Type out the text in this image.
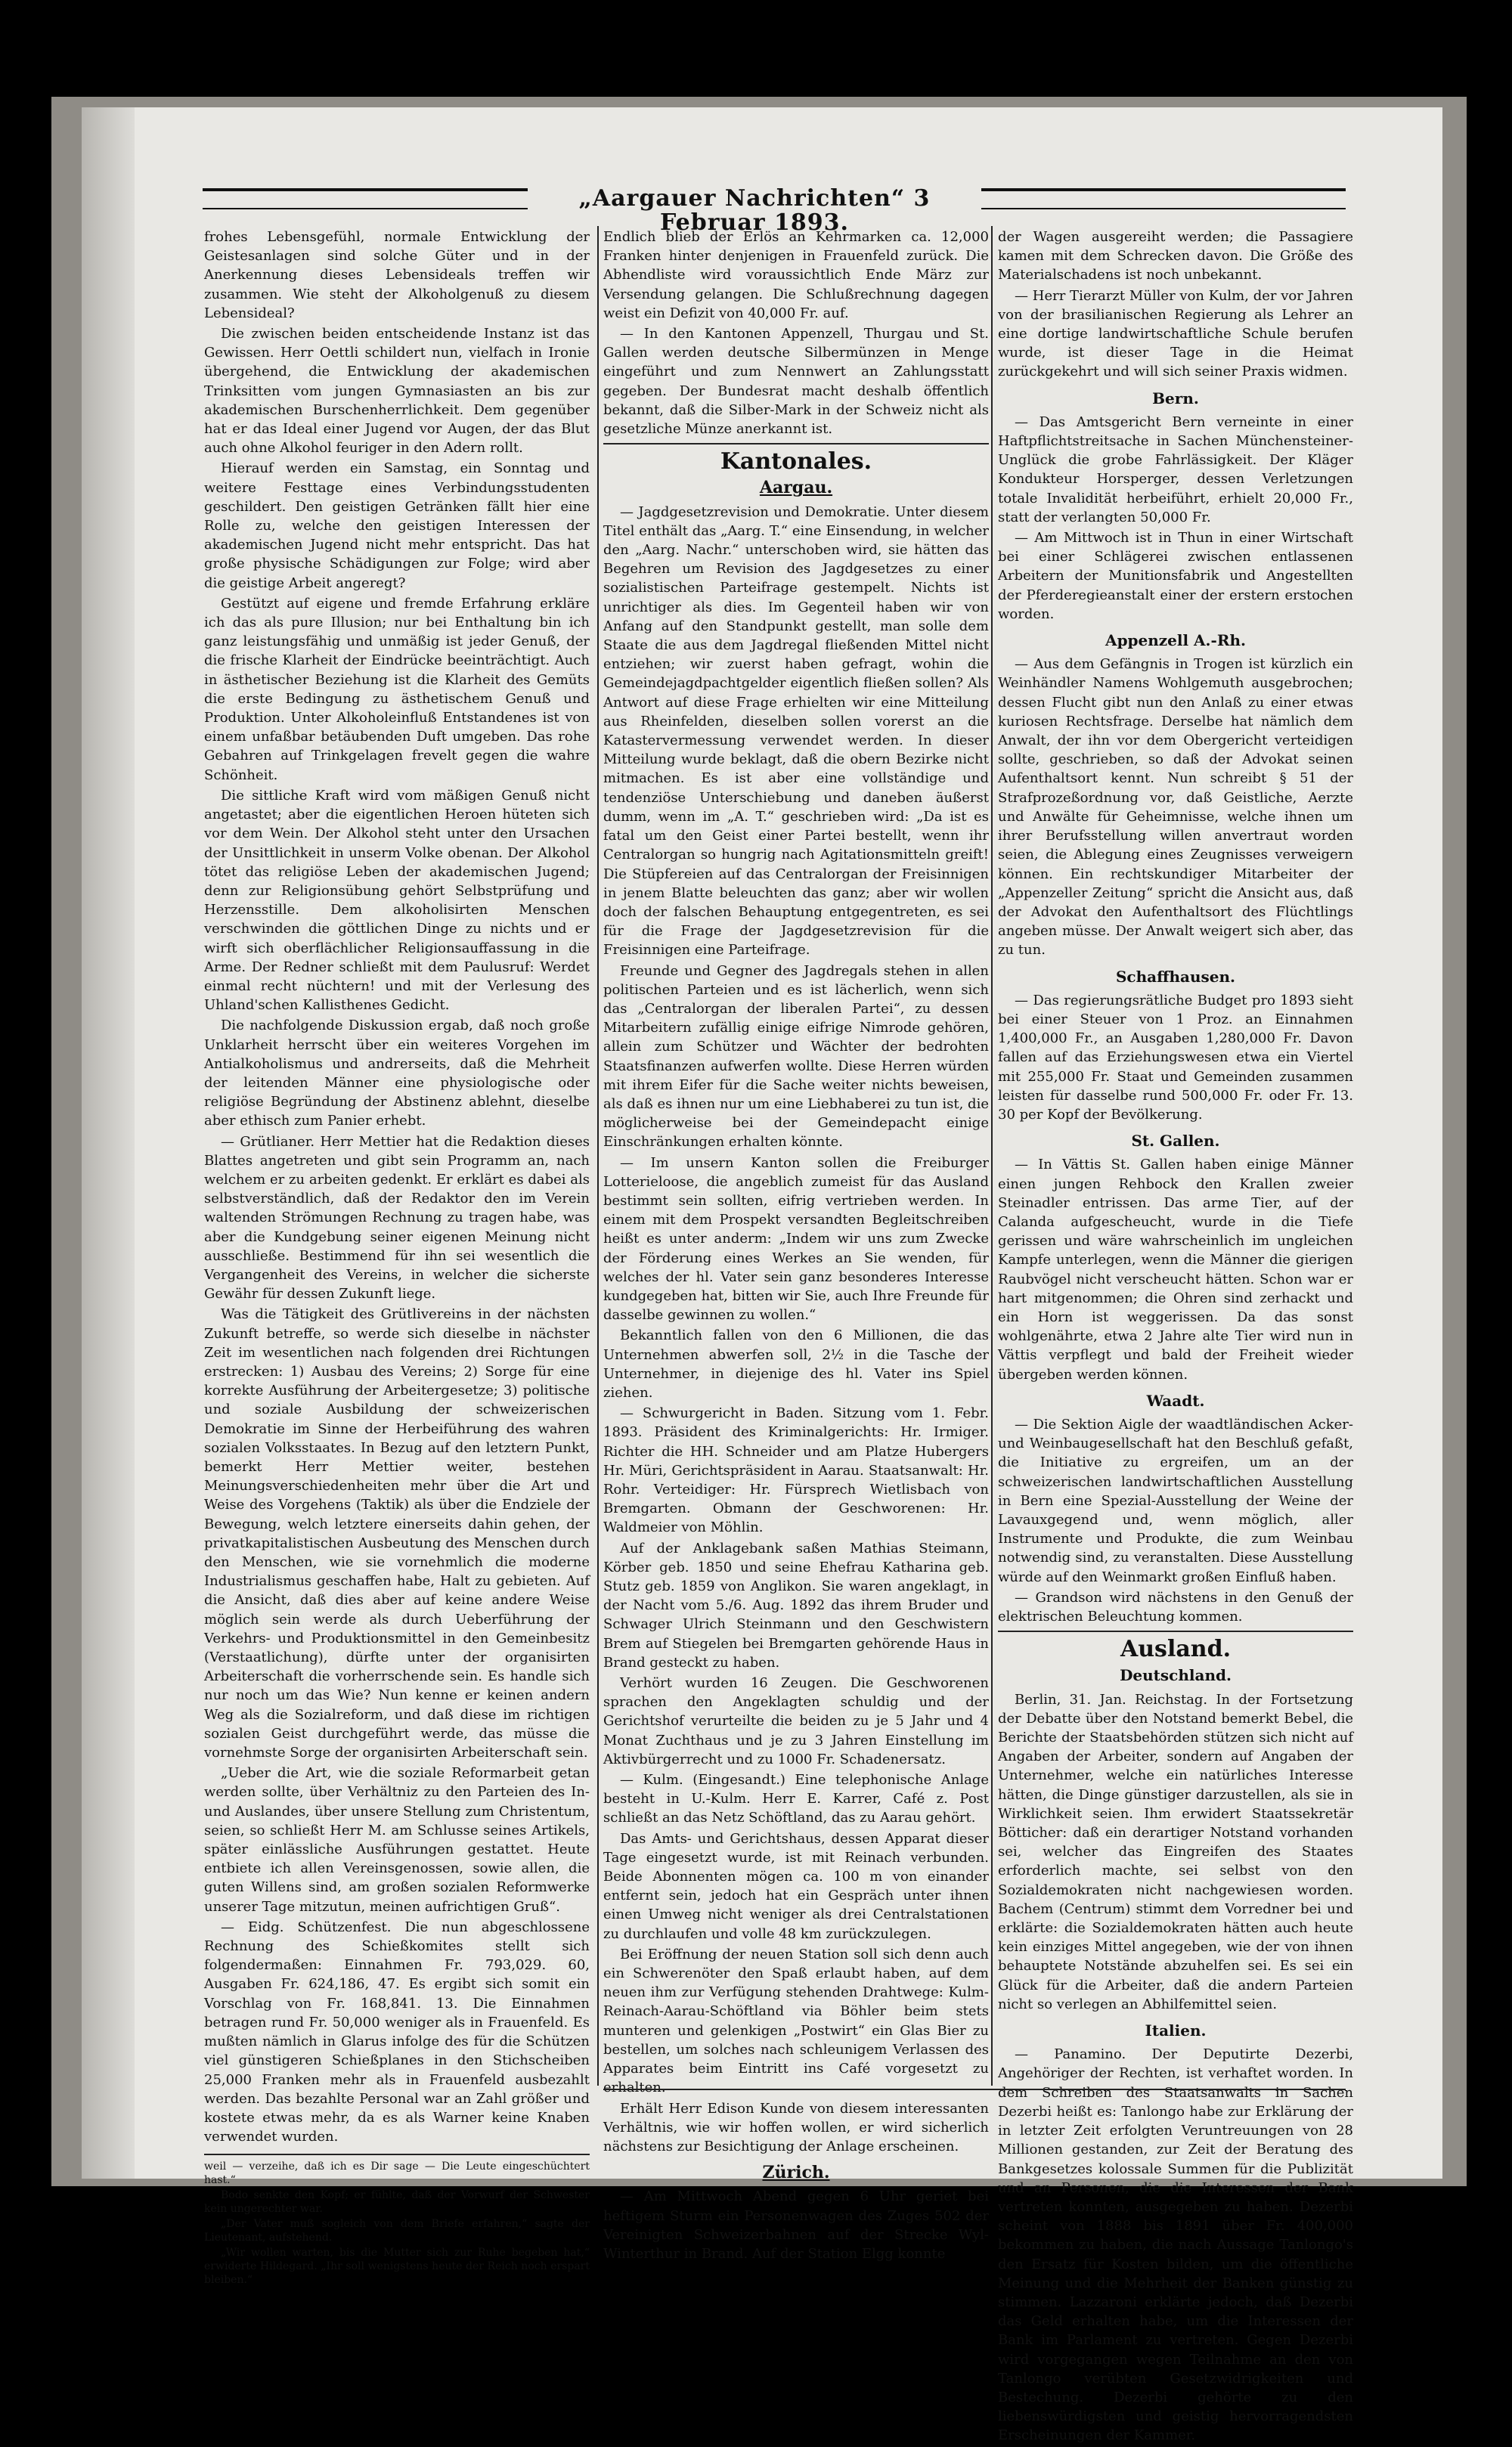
„Aargauer Nachrichten“ 3 Februar 1893.

frohes Lebensgefühl, normale Entwicklung der Geistesanlagen sind solche Güter und in der Anerkennung dieses Lebensideals treffen wir zusammen. Wie steht der Alkoholgenuß zu diesem Lebensideal?

Die zwischen beiden entscheidende Instanz ist das Gewissen. Herr Oettli schildert nun, vielfach in Ironie übergehend, die Entwicklung der akademischen Trinksitten vom jungen Gymnasiasten an bis zur akademischen Burschenherrlichkeit. Dem gegenüber hat er das Ideal einer Jugend vor Augen, der das Blut auch ohne Alkohol feuriger in den Adern rollt.

Hierauf werden ein Samstag, ein Sonntag und weitere Festtage eines Verbindungsstudenten geschildert. Den geistigen Getränken fällt hier eine Rolle zu, welche den geistigen Interessen der akademischen Jugend nicht mehr entspricht. Das hat große physische Schädigungen zur Folge; wird aber die geistige Arbeit angeregt?

Gestützt auf eigene und fremde Erfahrung erkläre ich das als pure Illusion; nur bei Enthaltung bin ich ganz leistungsfähig und unmäßig ist jeder Genuß, der die frische Klarheit der Eindrücke beeinträchtigt. Auch in ästhetischer Beziehung ist die Klarheit des Gemüts die erste Bedingung zu ästhetischem Genuß und Produktion. Unter Alkoholeinfluß Entstandenes ist von einem unfaßbar betäubenden Duft umgeben. Das rohe Gebahren auf Trinkgelagen frevelt gegen die wahre Schönheit.

Die sittliche Kraft wird vom mäßigen Genuß nicht angetastet; aber die eigentlichen Heroen hüteten sich vor dem Wein. Der Alkohol steht unter den Ursachen der Unsittlichkeit in unserm Volke obenan. Der Alkohol tötet das religiöse Leben der akademischen Jugend; denn zur Religionsübung gehört Selbstprüfung und Herzensstille. Dem alkoholisirten Menschen verschwinden die göttlichen Dinge zu nichts und er wirft sich oberflächlicher Religionsauffassung in die Arme. Der Redner schließt mit dem Paulusruf: Werdet einmal recht nüchtern! und mit der Verlesung des Uhland'schen Kallisthenes Gedicht.

Die nachfolgende Diskussion ergab, daß noch große Unklarheit herrscht über ein weiteres Vorgehen im Antialkoholismus und andrerseits, daß die Mehrheit der leitenden Männer eine physiologische oder religiöse Begründung der Abstinenz ablehnt, dieselbe aber ethisch zum Panier erhebt.

— Grütlianer. Herr Mettier hat die Redaktion dieses Blattes angetreten und gibt sein Programm an, nach welchem er zu arbeiten gedenkt. Er erklärt es dabei als selbstverständlich, daß der Redaktor den im Verein waltenden Strömungen Rechnung zu tragen habe, was aber die Kundgebung seiner eigenen Meinung nicht ausschließe. Bestimmend für ihn sei wesentlich die Vergangenheit des Vereins, in welcher die sicherste Gewähr für dessen Zukunft liege.

Was die Tätigkeit des Grütlivereins in der nächsten Zukunft betreffe, so werde sich dieselbe in nächster Zeit im wesentlichen nach folgenden drei Richtungen erstrecken: 1) Ausbau des Vereins; 2) Sorge für eine korrekte Ausführung der Arbeitergesetze; 3) politische und soziale Ausbildung der schweizerischen Demokratie im Sinne der Herbeiführung des wahren sozialen Volksstaates. In Bezug auf den letztern Punkt, bemerkt Herr Mettier weiter, bestehen Meinungsverschiedenheiten mehr über die Art und Weise des Vorgehens (Taktik) als über die Endziele der Bewegung, welch letztere einerseits dahin gehen, der privatkapitalistischen Ausbeutung des Menschen durch den Menschen, wie sie vornehmlich die moderne Industrialismus geschaffen habe, Halt zu gebieten. Auf die Ansicht, daß dies aber auf keine andere Weise möglich sein werde als durch Ueberführung der Verkehrs- und Produktionsmittel in den Gemeinbesitz (Verstaatlichung), dürfte unter der organisirten Arbeiterschaft die vorherrschende sein. Es handle sich nur noch um das Wie? Nun kenne er keinen andern Weg als die Sozialreform, und daß diese im richtigen sozialen Geist durchgeführt werde, das müsse die vornehmste Sorge der organisirten Arbeiterschaft sein.

„Ueber die Art, wie die soziale Reformarbeit getan werden sollte, über Verhältniz zu den Parteien des In- und Auslandes, über unsere Stellung zum Christentum, seien, so schließt Herr M. am Schlusse seines Artikels, später einlässliche Ausführungen gestattet. Heute entbiete ich allen Vereinsgenossen, sowie allen, die guten Willens sind, am großen sozialen Reformwerke unserer Tage mitzutun, meinen aufrichtigen Gruß“.

— Eidg. Schützenfest. Die nun abgeschlossene Rechnung des Schießkomites stellt sich folgendermaßen: Einnahmen Fr. 793,029. 60, Ausgaben Fr. 624,186, 47. Es ergibt sich somit ein Vorschlag von Fr. 168,841. 13. Die Einnahmen betragen rund Fr. 50,000 weniger als in Frauenfeld. Es mußten nämlich in Glarus infolge des für die Schützen viel günstigeren Schießplanes in den Stichscheiben 25,000 Franken mehr als in Frauenfeld ausbezahlt werden. Das bezahlte Personal war an Zahl größer und kostete etwas mehr, da es als Warner keine Knaben verwendet wurden.

weil — verzeihe, daß ich es Dir sage — Die Leute eingeschüchtert hast.“

Bodo senkte den Kopf; er fühlte, daß der Vorwurf der Schwester kein ungerechter war.

„Der Vater muß sogleich von dem Briefe erfahren,“ sagte der Lieutenant, aufstehend.

„Wir wollen warten, bis die Mutter sich zur Ruhe begeben hat,“ erwiderte Hildegard. „Ihr soll wenigstens heute der Reich noch erspart bleiben.“

Endlich blieb der Erlös an Kehrmarken ca. 12,000 Franken hinter denjenigen in Frauenfeld zurück. Die Abhendliste wird voraussichtlich Ende März zur Versendung gelangen. Die Schlußrechnung dagegen weist ein Defizit von 40,000 Fr. auf.

— In den Kantonen Appenzell, Thurgau und St. Gallen werden deutsche Silbermünzen in Menge eingeführt und zum Nennwert an Zahlungsstatt gegeben. Der Bundesrat macht deshalb öffentlich bekannt, daß die Silber-Mark in der Schweiz nicht als gesetzliche Münze anerkannt ist.

Kantonales.
Aargau.

— Jagdgesetzrevision und Demokratie. Unter diesem Titel enthält das „Aarg. T.“ eine Einsendung, in welcher den „Aarg. Nachr.“ unterschoben wird, sie hätten das Begehren um Revision des Jagdgesetzes zu einer sozialistischen Parteifrage gestempelt. Nichts ist unrichtiger als dies. Im Gegenteil haben wir von Anfang auf den Standpunkt gestellt, man solle dem Staate die aus dem Jagdregal fließenden Mittel nicht entziehen; wir zuerst haben gefragt, wohin die Gemeindejagdpachtgelder eigentlich fließen sollen? Als Antwort auf diese Frage erhielten wir eine Mitteilung aus Rheinfelden, dieselben sollen vorerst an die Katastervermessung verwendet werden. In dieser Mitteilung wurde beklagt, daß die obern Bezirke nicht mitmachen. Es ist aber eine vollständige und tendenziöse Unterschiebung und daneben äußerst dumm, wenn im „A. T.“ geschrieben wird: „Da ist es fatal um den Geist einer Partei bestellt, wenn ihr Centralorgan so hungrig nach Agitationsmitteln greift! Die Stüpfereien auf das Centralorgan der Freisinnigen in jenem Blatte beleuchten das ganz; aber wir wollen doch der falschen Behauptung entgegentreten, es sei für die Frage der Jagdgesetzrevision für die Freisinnigen eine Parteifrage.

Freunde und Gegner des Jagdregals stehen in allen politischen Parteien und es ist lächerlich, wenn sich das „Centralorgan der liberalen Partei“, zu dessen Mitarbeitern zufällig einige eifrige Nimrode gehören, allein zum Schützer und Wächter der bedrohten Staatsfinanzen aufwerfen wollte. Diese Herren würden mit ihrem Eifer für die Sache weiter nichts beweisen, als daß es ihnen nur um eine Liebhaberei zu tun ist, die möglicherweise bei der Gemeindepacht einige Einschränkungen erhalten könnte.

— Im unsern Kanton sollen die Freiburger Lotterieloose, die angeblich zumeist für das Ausland bestimmt sein sollten, eifrig vertrieben werden. In einem mit dem Prospekt versandten Begleitschreiben heißt es unter anderm: „Indem wir uns zum Zwecke der Förderung eines Werkes an Sie wenden, für welches der hl. Vater sein ganz besonderes Interesse kundgegeben hat, bitten wir Sie, auch Ihre Freunde für dasselbe gewinnen zu wollen.“

Bekanntlich fallen von den 6 Millionen, die das Unternehmen abwerfen soll, 2½ in die Tasche der Unternehmer, in diejenige des hl. Vater ins Spiel ziehen.

— Schwurgericht in Baden. Sitzung vom 1. Febr. 1893. Präsident des Kriminalgerichts: Hr. Irmiger. Richter die HH. Schneider und am Platze Hubergers Hr. Müri, Gerichtspräsident in Aarau. Staatsanwalt: Hr. Rohr. Verteidiger: Hr. Fürsprech Wietlisbach von Bremgarten. Obmann der Geschworenen: Hr. Waldmeier von Möhlin.

Auf der Anklagebank saßen Mathias Steimann, Körber geb. 1850 und seine Ehefrau Katharina geb. Stutz geb. 1859 von Anglikon. Sie waren angeklagt, in der Nacht vom 5./6. Aug. 1892 das ihrem Bruder und Schwager Ulrich Steinmann und den Geschwistern Brem auf Stiegelen bei Bremgarten gehörende Haus in Brand gesteckt zu haben.

Verhört wurden 16 Zeugen. Die Geschworenen sprachen den Angeklagten schuldig und der Gerichtshof verurteilte die beiden zu je 5 Jahr und 4 Monat Zuchthaus und je zu 3 Jahren Einstellung im Aktivbürgerrecht und zu 1000 Fr. Schadenersatz.

— Kulm. (Eingesandt.) Eine telephonische Anlage besteht in U.-Kulm. Herr E. Karrer, Café z. Post schließt an das Netz Schöftland, das zu Aarau gehört.

Das Amts- und Gerichtshaus, dessen Apparat dieser Tage eingesetzt wurde, ist mit Reinach verbunden. Beide Abonnenten mögen ca. 100 m von einander entfernt sein, jedoch hat ein Gespräch unter ihnen einen Umweg nicht weniger als drei Centralstationen zu durchlaufen und volle 48 km zurückzulegen.

Bei Eröffnung der neuen Station soll sich denn auch ein Schwerenöter den Spaß erlaubt haben, auf dem neuen ihm zur Verfügung stehenden Drahtwege: Kulm-Reinach-Aarau-Schöftland via Böhler beim stets munteren und gelenkigen „Postwirt“ ein Glas Bier zu bestellen, um solches nach schleunigem Verlassen des Apparates beim Eintritt ins Café vorgesetzt zu erhalten.

Erhält Herr Edison Kunde von diesem interessanten Verhältnis, wie wir hoffen wollen, er wird sicherlich nächstens zur Besichtigung der Anlage erscheinen.

Zürich.

— Am Mittwoch Abend gegen 6 Uhr geriet bei heftigem Sturm ein Personenwagen des Zuges 502 der Vereinigten Schweizerbahnen auf der Strecke Wyl-Winterthur in Brand. Auf der Station Elgg konnte

der Wagen ausgereiht werden; die Passagiere kamen mit dem Schrecken davon. Die Größe des Materialschadens ist noch unbekannt.

— Herr Tierarzt Müller von Kulm, der vor Jahren von der brasilianischen Regierung als Lehrer an eine dortige landwirtschaftliche Schule berufen wurde, ist dieser Tage in die Heimat zurückgekehrt und will sich seiner Praxis widmen.

Bern.

— Das Amtsgericht Bern verneinte in einer Haftpflichtstreitsache in Sachen Münchensteiner-Unglück die grobe Fahrlässigkeit. Der Kläger Kondukteur Horsperger, dessen Verletzungen totale Invalidität herbeiführt, erhielt 20,000 Fr., statt der verlangten 50,000 Fr.

— Am Mittwoch ist in Thun in einer Wirtschaft bei einer Schlägerei zwischen entlassenen Arbeitern der Munitionsfabrik und Angestellten der Pferderegieanstalt einer der erstern erstochen worden.

Appenzell A.-Rh.

— Aus dem Gefängnis in Trogen ist kürzlich ein Weinhändler Namens Wohlgemuth ausgebrochen; dessen Flucht gibt nun den Anlaß zu einer etwas kuriosen Rechtsfrage. Derselbe hat nämlich dem Anwalt, der ihn vor dem Obergericht verteidigen sollte, geschrieben, so daß der Advokat seinen Aufenthaltsort kennt. Nun schreibt § 51 der Strafprozeßordnung vor, daß Geistliche, Aerzte und Anwälte für Geheimnisse, welche ihnen um ihrer Berufsstellung willen anvertraut worden seien, die Ablegung eines Zeugnisses verweigern können. Ein rechtskundiger Mitarbeiter der „Appenzeller Zeitung“ spricht die Ansicht aus, daß der Advokat den Aufenthaltsort des Flüchtlings angeben müsse. Der Anwalt weigert sich aber, das zu tun.

Schaffhausen.

— Das regierungsrätliche Budget pro 1893 sieht bei einer Steuer von 1 Proz. an Einnahmen 1,400,000 Fr., an Ausgaben 1,280,000 Fr. Davon fallen auf das Erziehungswesen etwa ein Viertel mit 255,000 Fr. Staat und Gemeinden zusammen leisten für dasselbe rund 500,000 Fr. oder Fr. 13. 30 per Kopf der Bevölkerung.

St. Gallen.

— In Vättis St. Gallen haben einige Männer einen jungen Rehbock den Krallen zweier Steinadler entrissen. Das arme Tier, auf der Calanda aufgescheucht, wurde in die Tiefe gerissen und wäre wahrscheinlich im ungleichen Kampfe unterlegen, wenn die Männer die gierigen Raubvögel nicht verscheucht hätten. Schon war er hart mitgenommen; die Ohren sind zerhackt und ein Horn ist weggerissen. Da das sonst wohlgenährte, etwa 2 Jahre alte Tier wird nun in Vättis verpflegt und bald der Freiheit wieder übergeben werden können.

Waadt.

— Die Sektion Aigle der waadtländischen Acker- und Weinbaugesellschaft hat den Beschluß gefaßt, die Initiative zu ergreifen, um an der schweizerischen landwirtschaftlichen Ausstellung in Bern eine Spezial-Ausstellung der Weine der Lavauxgegend und, wenn möglich, aller Instrumente und Produkte, die zum Weinbau notwendig sind, zu veranstalten. Diese Ausstellung würde auf den Weinmarkt großen Einfluß haben.

— Grandson wird nächstens in den Genuß der elektrischen Beleuchtung kommen.

Ausland.
Deutschland.

Berlin, 31. Jan. Reichstag. In der Fortsetzung der Debatte über den Notstand bemerkt Bebel, die Berichte der Staatsbehörden stützen sich nicht auf Angaben der Arbeiter, sondern auf Angaben der Unternehmer, welche ein natürliches Interesse hätten, die Dinge günstiger darzustellen, als sie in Wirklichkeit seien. Ihm erwidert Staatssekretär Bötticher: daß ein derartiger Notstand vorhanden sei, welcher das Eingreifen des Staates erforderlich machte, sei selbst von den Sozialdemokraten nicht nachgewiesen worden. Bachem (Centrum) stimmt dem Vorredner bei und erklärte: die Sozialdemokraten hätten auch heute kein einziges Mittel angegeben, wie der von ihnen behauptete Notstände abzuhelfen sei. Es sei ein Glück für die Arbeiter, daß die andern Parteien nicht so verlegen an Abhilfemittel seien.

Italien.

— Panamino. Der Deputirte Dezerbi, Angehöriger der Rechten, ist verhaftet worden. In dem Schreiben des Staatsanwalts in Sachen Dezerbi heißt es: Tanlongo habe zur Erklärung der in letzter Zeit erfolgten Veruntreuungen von 28 Millionen gestanden, zur Zeit der Beratung des Bankgesetzes kolossale Summen für die Publizität und an Personen, die die Interessen der Bank vertreten konnten, ausgegeben zu haben. Dezerbi scheint von 1888 bis 1891 über Fr. 400,000 bekommen zu haben, die nach Aussage Tanlongo's den Ersatz für Kosten bilden, um die öffentliche Meinung und die Mehrheit der Banken günstig zu stimmen. Lazzaroni erklärte jedoch, daß Dezerbi das Geld erhalten habe, um die Interessen der Bank im Parlament zu vertreten. Gegen Dezerbi wird vorgegangen wegen Teilnahme an den von Tanlongo verübten Gesetzwidrigkeiten und Bestechung. Dezerbi gehörte zu den liebenswürdigsten und geistig hervorragendsten Erscheinungen der Kammer.
